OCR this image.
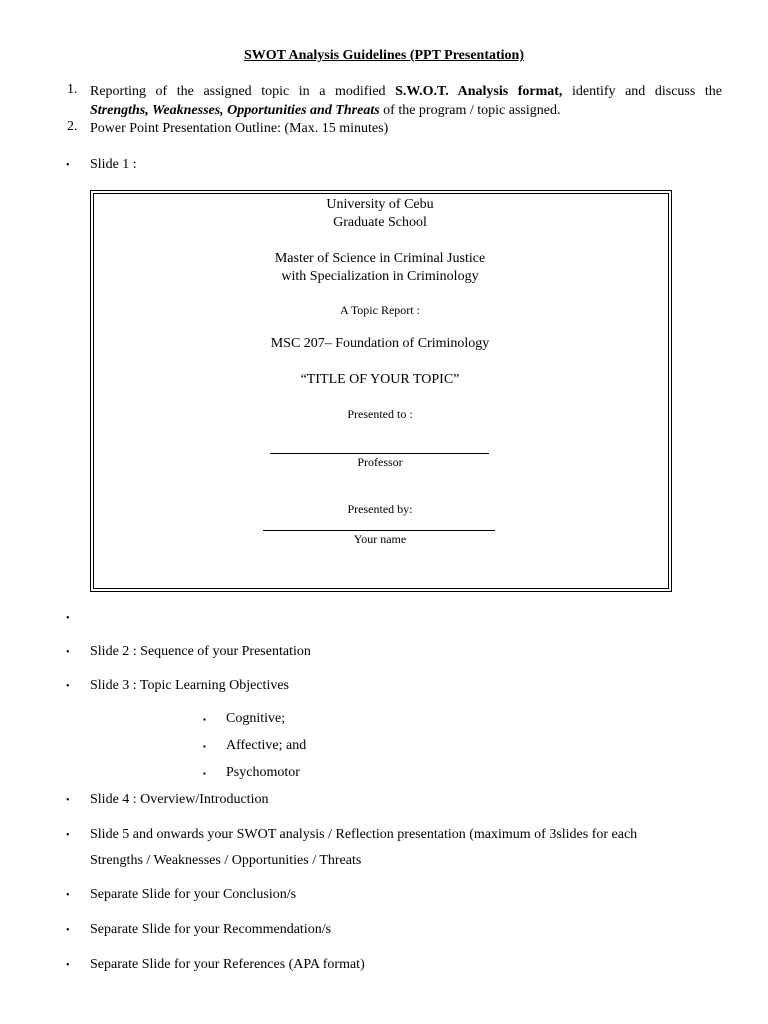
SWOT Analysis Guidelines (PPT Presentation)
1. Reporting of the assigned topic in a modified S.W.O.T. Analysis format, identify and discuss the
Strengths, Weaknesses, Opportunities and Threats of the program / topic assigned.
2. Power Point Presentation Outline: (Max. 15 minutes)
• Slide 1 :
University of Cebu
Graduate School
Master of Science in Criminal Justice
with Specialization in Criminology
A Topic Report :
MSC 207– Foundation of Criminology
“TITLE OF YOUR TOPIC”
Presented to :
Professor
Presented by:
Your name
•
• Slide 2 : Sequence of your Presentation
• Slide 3 : Topic Learning Objectives
▪ Cognitive;
▪ Affective; and
▪ Psychomotor
• Slide 4 : Overview/Introduction
• Slide 5 and onwards your SWOT analysis / Reflection presentation (maximum of 3slides for each
Strengths / Weaknesses / Opportunities / Threats
• Separate Slide for your Conclusion/s
• Separate Slide for your Recommendation/s
• Separate Slide for your References (APA format)
